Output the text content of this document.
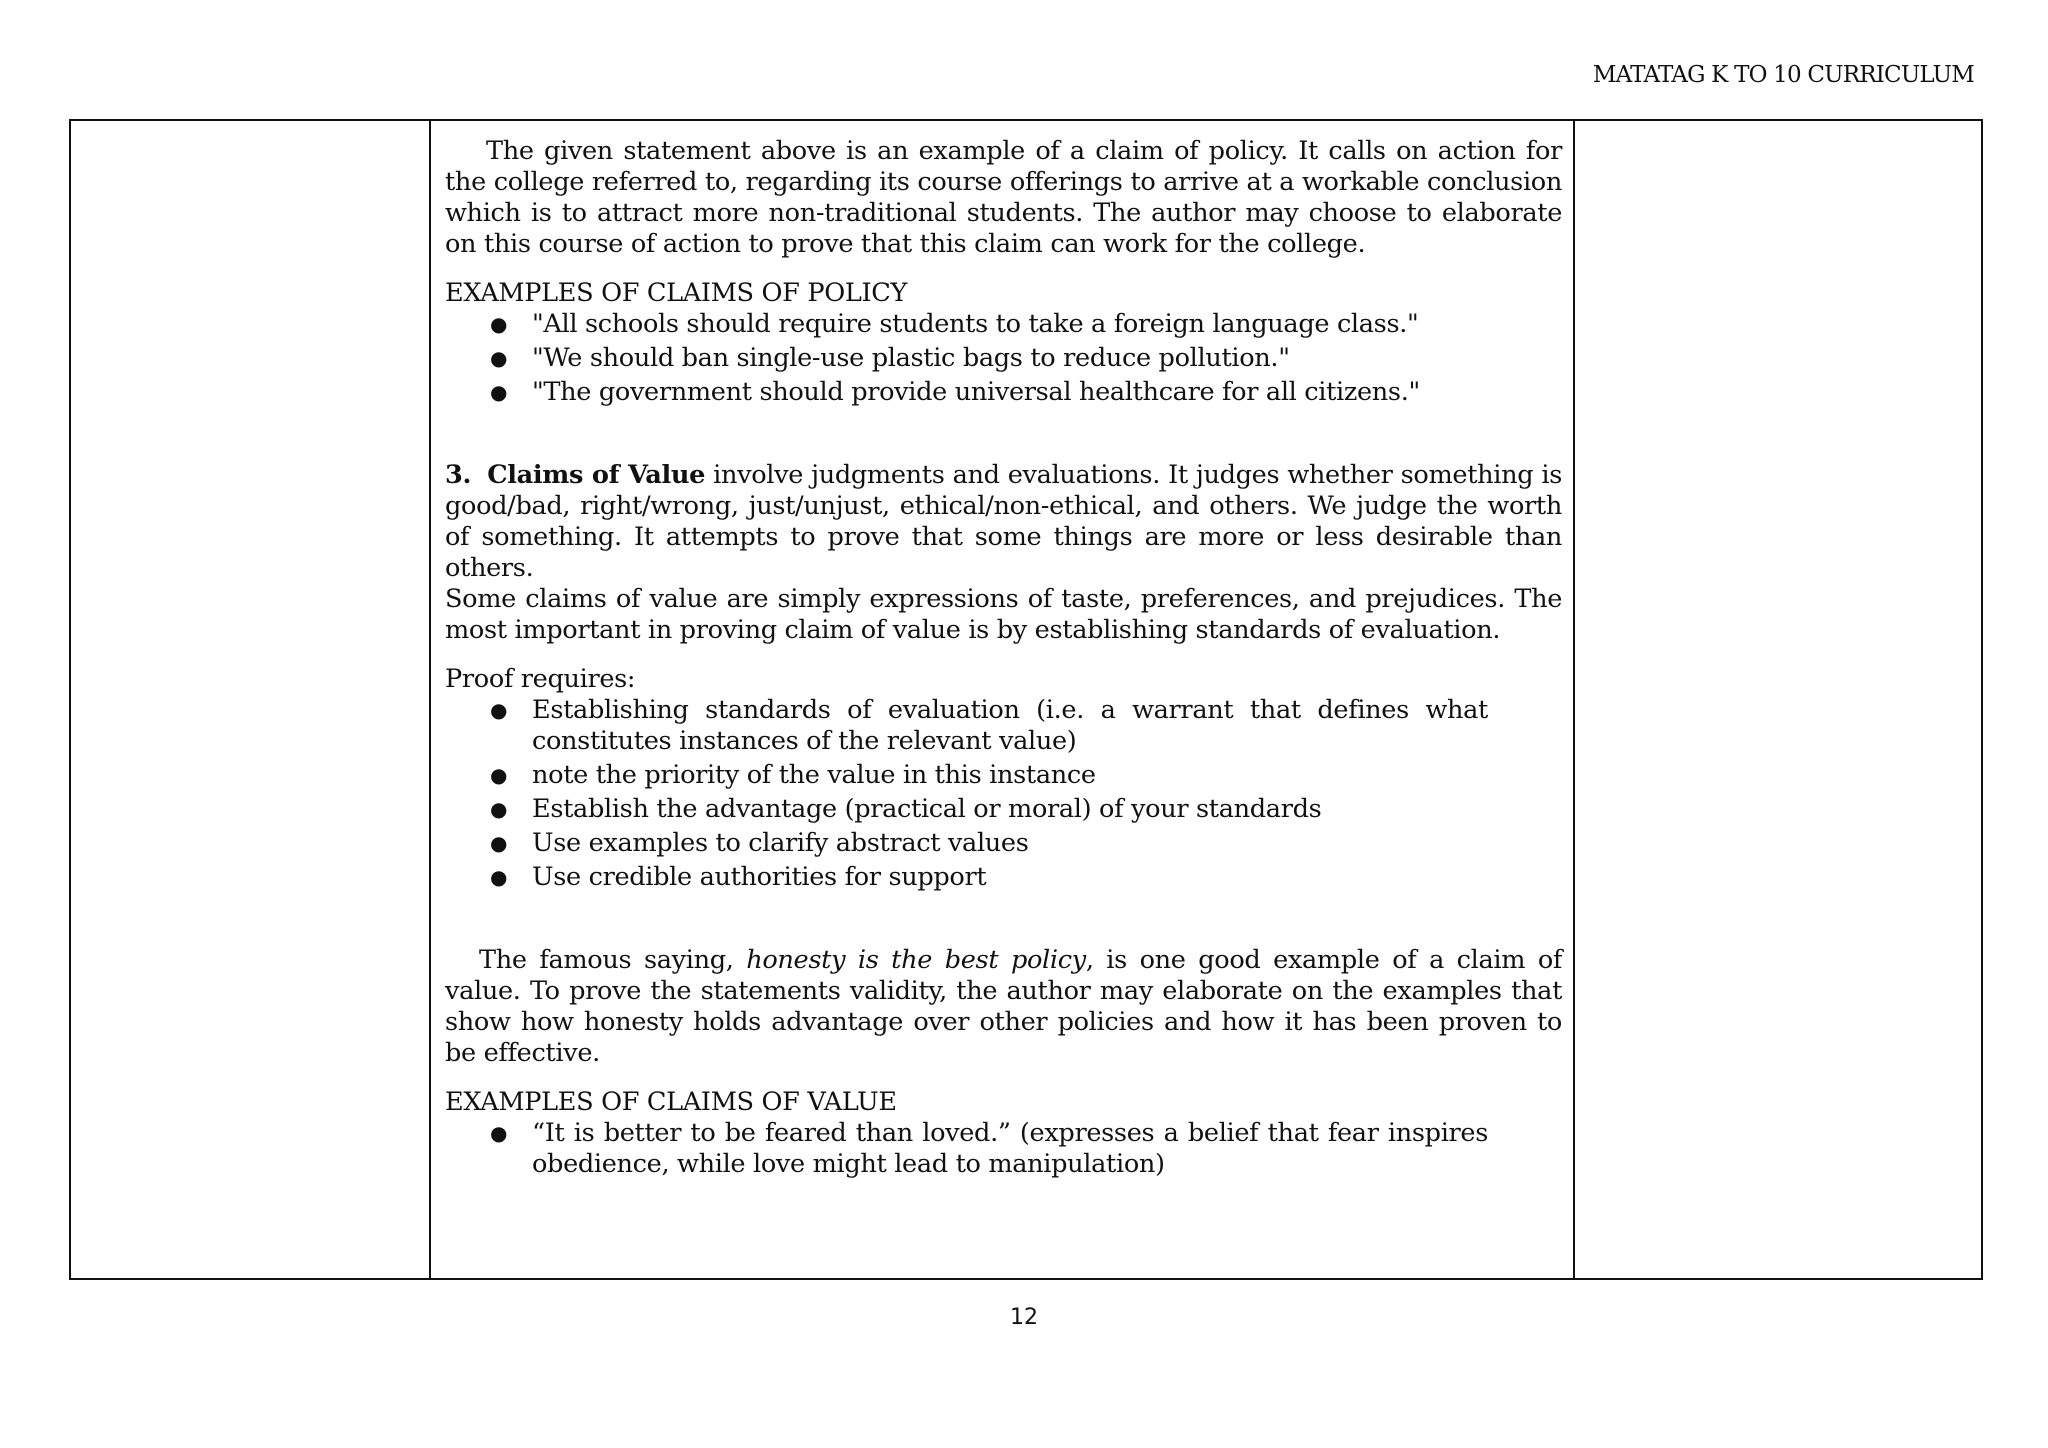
MATATAG K TO 10 CURRICULUM

The given statement above is an example of a claim of policy. It calls on action for the college referred to, regarding its course offerings to arrive at a workable conclusion which is to attract more non-traditional students. The author may choose to elaborate on this course of action to prove that this claim can work for the college.

EXAMPLES OF CLAIMS OF POLICY
● "All schools should require students to take a foreign language class."
● "We should ban single-use plastic bags to reduce pollution."
● "The government should provide universal healthcare for all citizens."

3. Claims of Value involve judgments and evaluations. It judges whether something is good/bad, right/wrong, just/unjust, ethical/non-ethical, and others. We judge the worth of something. It attempts to prove that some things are more or less desirable than others.

Some claims of value are simply expressions of taste, preferences, and prejudices. The most important in proving claim of value is by establishing standards of evaluation.

Proof requires:
● Establishing standards of evaluation (i.e. a warrant that defines what constitutes instances of the relevant value)
● note the priority of the value in this instance
● Establish the advantage (practical or moral) of your standards
● Use examples to clarify abstract values
● Use credible authorities for support

The famous saying, honesty is the best policy, is one good example of a claim of value. To prove the statements validity, the author may elaborate on the examples that show how honesty holds advantage over other policies and how it has been proven to be effective.

EXAMPLES OF CLAIMS OF VALUE
● “It is better to be feared than loved.” (expresses a belief that fear inspires obedience, while love might lead to manipulation)
12
